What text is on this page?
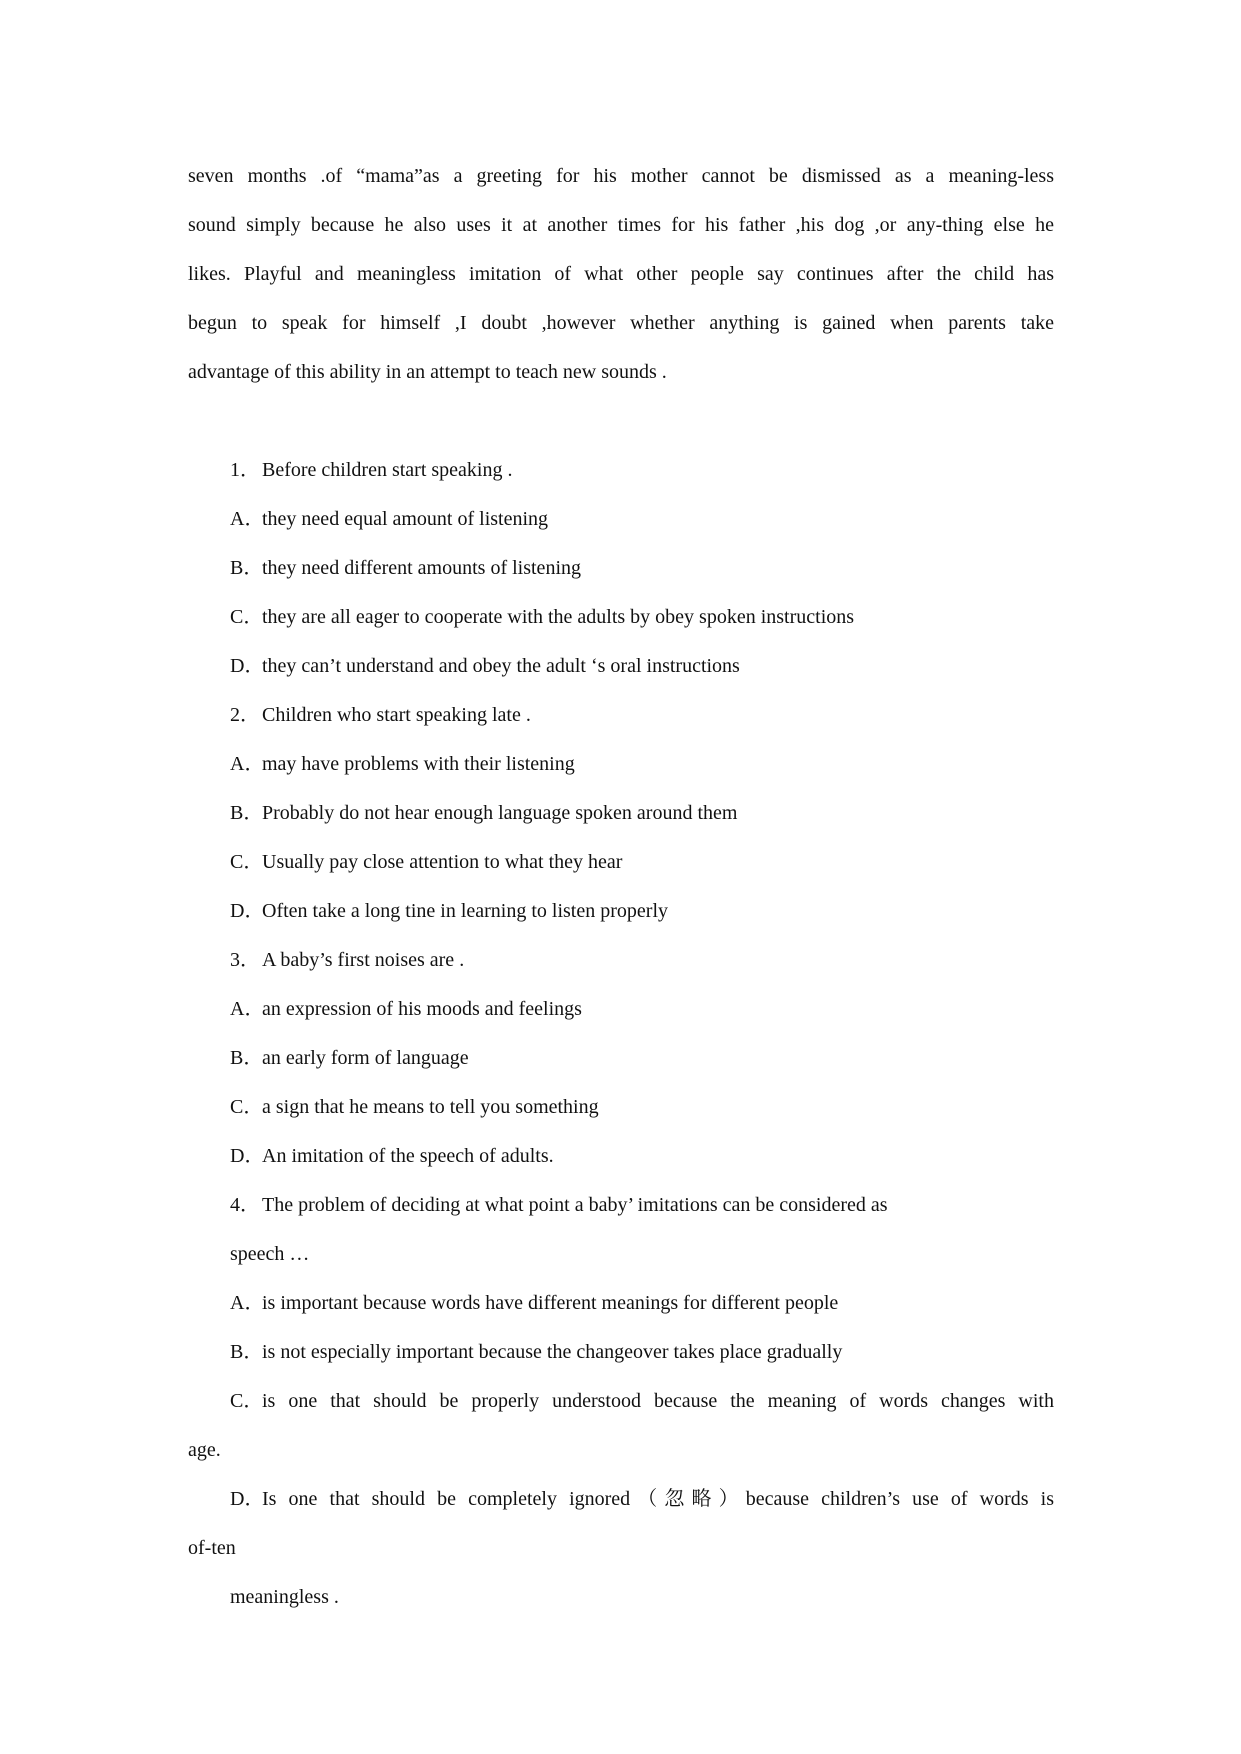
seven months .of “mama”as a greeting for his mother cannot be dismissed as a meaning-less
sound simply because he also uses it at another times for his father ,his dog ,or any-thing else he
likes. Playful and meaningless imitation of what other people say continues after the child has
begun to speak for himself ,I doubt ,however whether anything is gained when parents take
advantage of this ability in an attempt to teach new sounds .
1． Before children start speaking .
A．they need equal amount of listening
B．they need different amounts of listening
C．they are all eager to cooperate with the adults by obey spoken instructions
D．they can’t understand and obey the adult ‘s oral instructions
2． Children who start speaking late .
A．may have problems with their listening
B．Probably do not hear enough language spoken around them
C．Usually pay close attention to what they hear
D．Often take a long tine in learning to listen properly
3． A baby’s first noises are .
A．an expression of his moods and feelings
B．an early form of language
C．a sign that he means to tell you something
D．An imitation of the speech of adults.
4． The problem of deciding at what point a baby’ imitations can be considered as
speech …
A．is important because words have different meanings for different people
B．is not especially important because the changeover takes place gradually
C．is one that should be properly understood because the meaning of words changes with
age.
D．Is one that should be completely ignored（忽略）because children’s use of words is
of-ten
meaningless .
